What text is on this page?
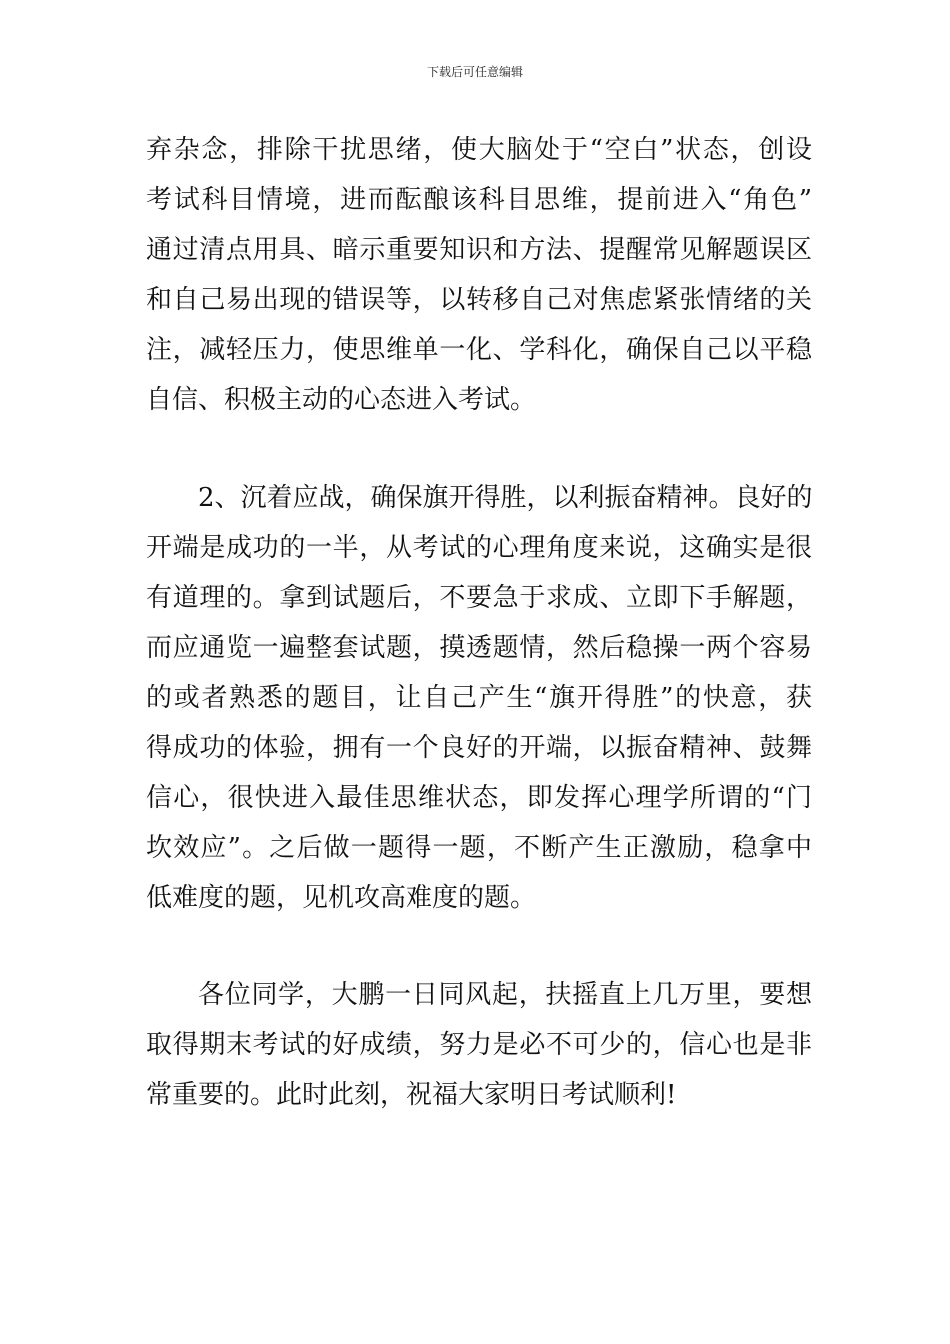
下载后可任意编辑
弃杂念，排除干扰思绪，使大脑处于“空白”状态，创设
考试科目情境，进而酝酿该科目思维，提前进入“角色”
通过清点用具、暗示重要知识和方法、提醒常见解题误区
和自己易出现的错误等，以转移自己对焦虑紧张情绪的关
注，减轻压力，使思维单一化、学科化，确保自己以平稳
自信、积极主动的心态进入考试。
2、沉着应战，确保旗开得胜，以利振奋精神。良好的
开端是成功的一半，从考试的心理角度来说，这确实是很
有道理的。拿到试题后，不要急于求成、立即下手解题，
而应通览一遍整套试题，摸透题情，然后稳操一两个容易
的或者熟悉的题目，让自己产生“旗开得胜”的快意，获
得成功的体验，拥有一个良好的开端，以振奋精神、鼓舞
信心，很快进入最佳思维状态，即发挥心理学所谓的“门
坎效应”。之后做一题得一题，不断产生正激励，稳拿中
低难度的题，见机攻高难度的题。
各位同学，大鹏一日同风起，扶摇直上几万里，要想
取得期末考试的好成绩，努力是必不可少的，信心也是非
常重要的。此时此刻，祝福大家明日考试顺利!
